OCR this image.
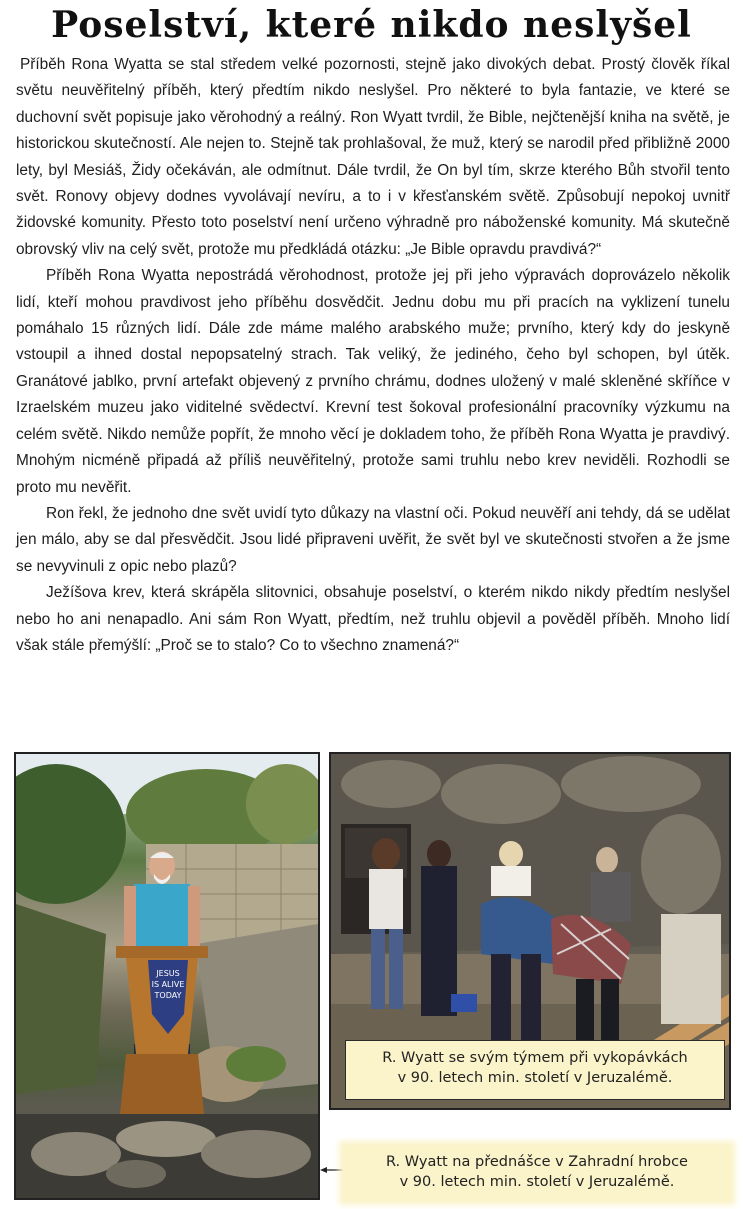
Poselství, které nikdo neslyšel

Příběh Rona Wyatta se stal středem velké pozornosti, stejně jako divokých debat. Prostý člověk říkal světu neuvěřitelný příběh, který předtím nikdo neslyšel. Pro některé to byla fantazie, ve které se duchovní svět popisuje jako věrohodný a reálný. Ron Wyatt tvrdil, že Bible, nejčtenější kniha na světě, je historickou skutečností. Ale nejen to. Stejně tak prohlašoval, že muž, který se narodil před přibližně 2000 lety, byl Mesiáš, Židy očekáván, ale odmítnut. Dále tvrdil, že On byl tím, skrze kterého Bůh stvořil tento svět. Ronovy objevy dodnes vyvolávají nevíru, a to i v křesťanském světě. Způsobují nepokoj uvnitř židovské komunity. Přesto toto poselství není určeno výhradně pro náboženské komunity. Má skutečně obrovský vliv na celý svět, protože mu předkládá otázku: „Je Bible opravdu pravdivá?“

Příběh Rona Wyatta nepostrádá věrohodnost, protože jej při jeho výpravách doprovázelo několik lidí, kteří mohou pravdivost jeho příběhu dosvědčit. Jednu dobu mu při pracích na vyklizení tunelu pomáhalo 15 různých lidí. Dále zde máme malého arabského muže; prvního, který kdy do jeskyně vstoupil a ihned dostal nepopsatelný strach. Tak veliký, že jediného, čeho byl schopen, byl útěk. Granátové jablko, první artefakt objevený z prvního chrámu, dodnes uložený v malé skleněné skříňce v Izraelském muzeu jako viditelné svědectví. Krevní test šokoval profesionální pracovníky výzkumu na celém světě. Nikdo nemůže popřít, že mnoho věcí je dokladem toho, že příběh Rona Wyatta je pravdivý. Mnohým nicméně připadá až příliš neuvěřitelný, protože sami truhlu nebo krev neviděli. Rozhodli se proto mu nevěřit.

Ron řekl, že jednoho dne svět uvidí tyto důkazy na vlastní oči. Pokud neuvěří ani tehdy, dá se udělat jen málo, aby se dal přesvědčit. Jsou lidé připraveni uvěřit, že svět byl ve skutečnosti stvořen a že jsme se nevyvinuli z opic nebo plazů?

Ježíšova krev, která skrápěla slitovnici, obsahuje poselství, o kterém nikdo nikdy předtím neslyšel nebo ho ani nenapadlo. Ani sám Ron Wyatt, předtím, než truhlu objevil a pověděl příběh. Mnoho lidí však stále přemýšlí: „Proč se to stalo? Co to všechno znamená?“

JESUS
IS ALIVE
TODAY
R. Wyatt se svým týmem při vykopávkách
v 90. letech min. století v Jeruzalémě.
R. Wyatt na přednášce v Zahradní hrobce
v 90. letech min. století v Jeruzalémě.
